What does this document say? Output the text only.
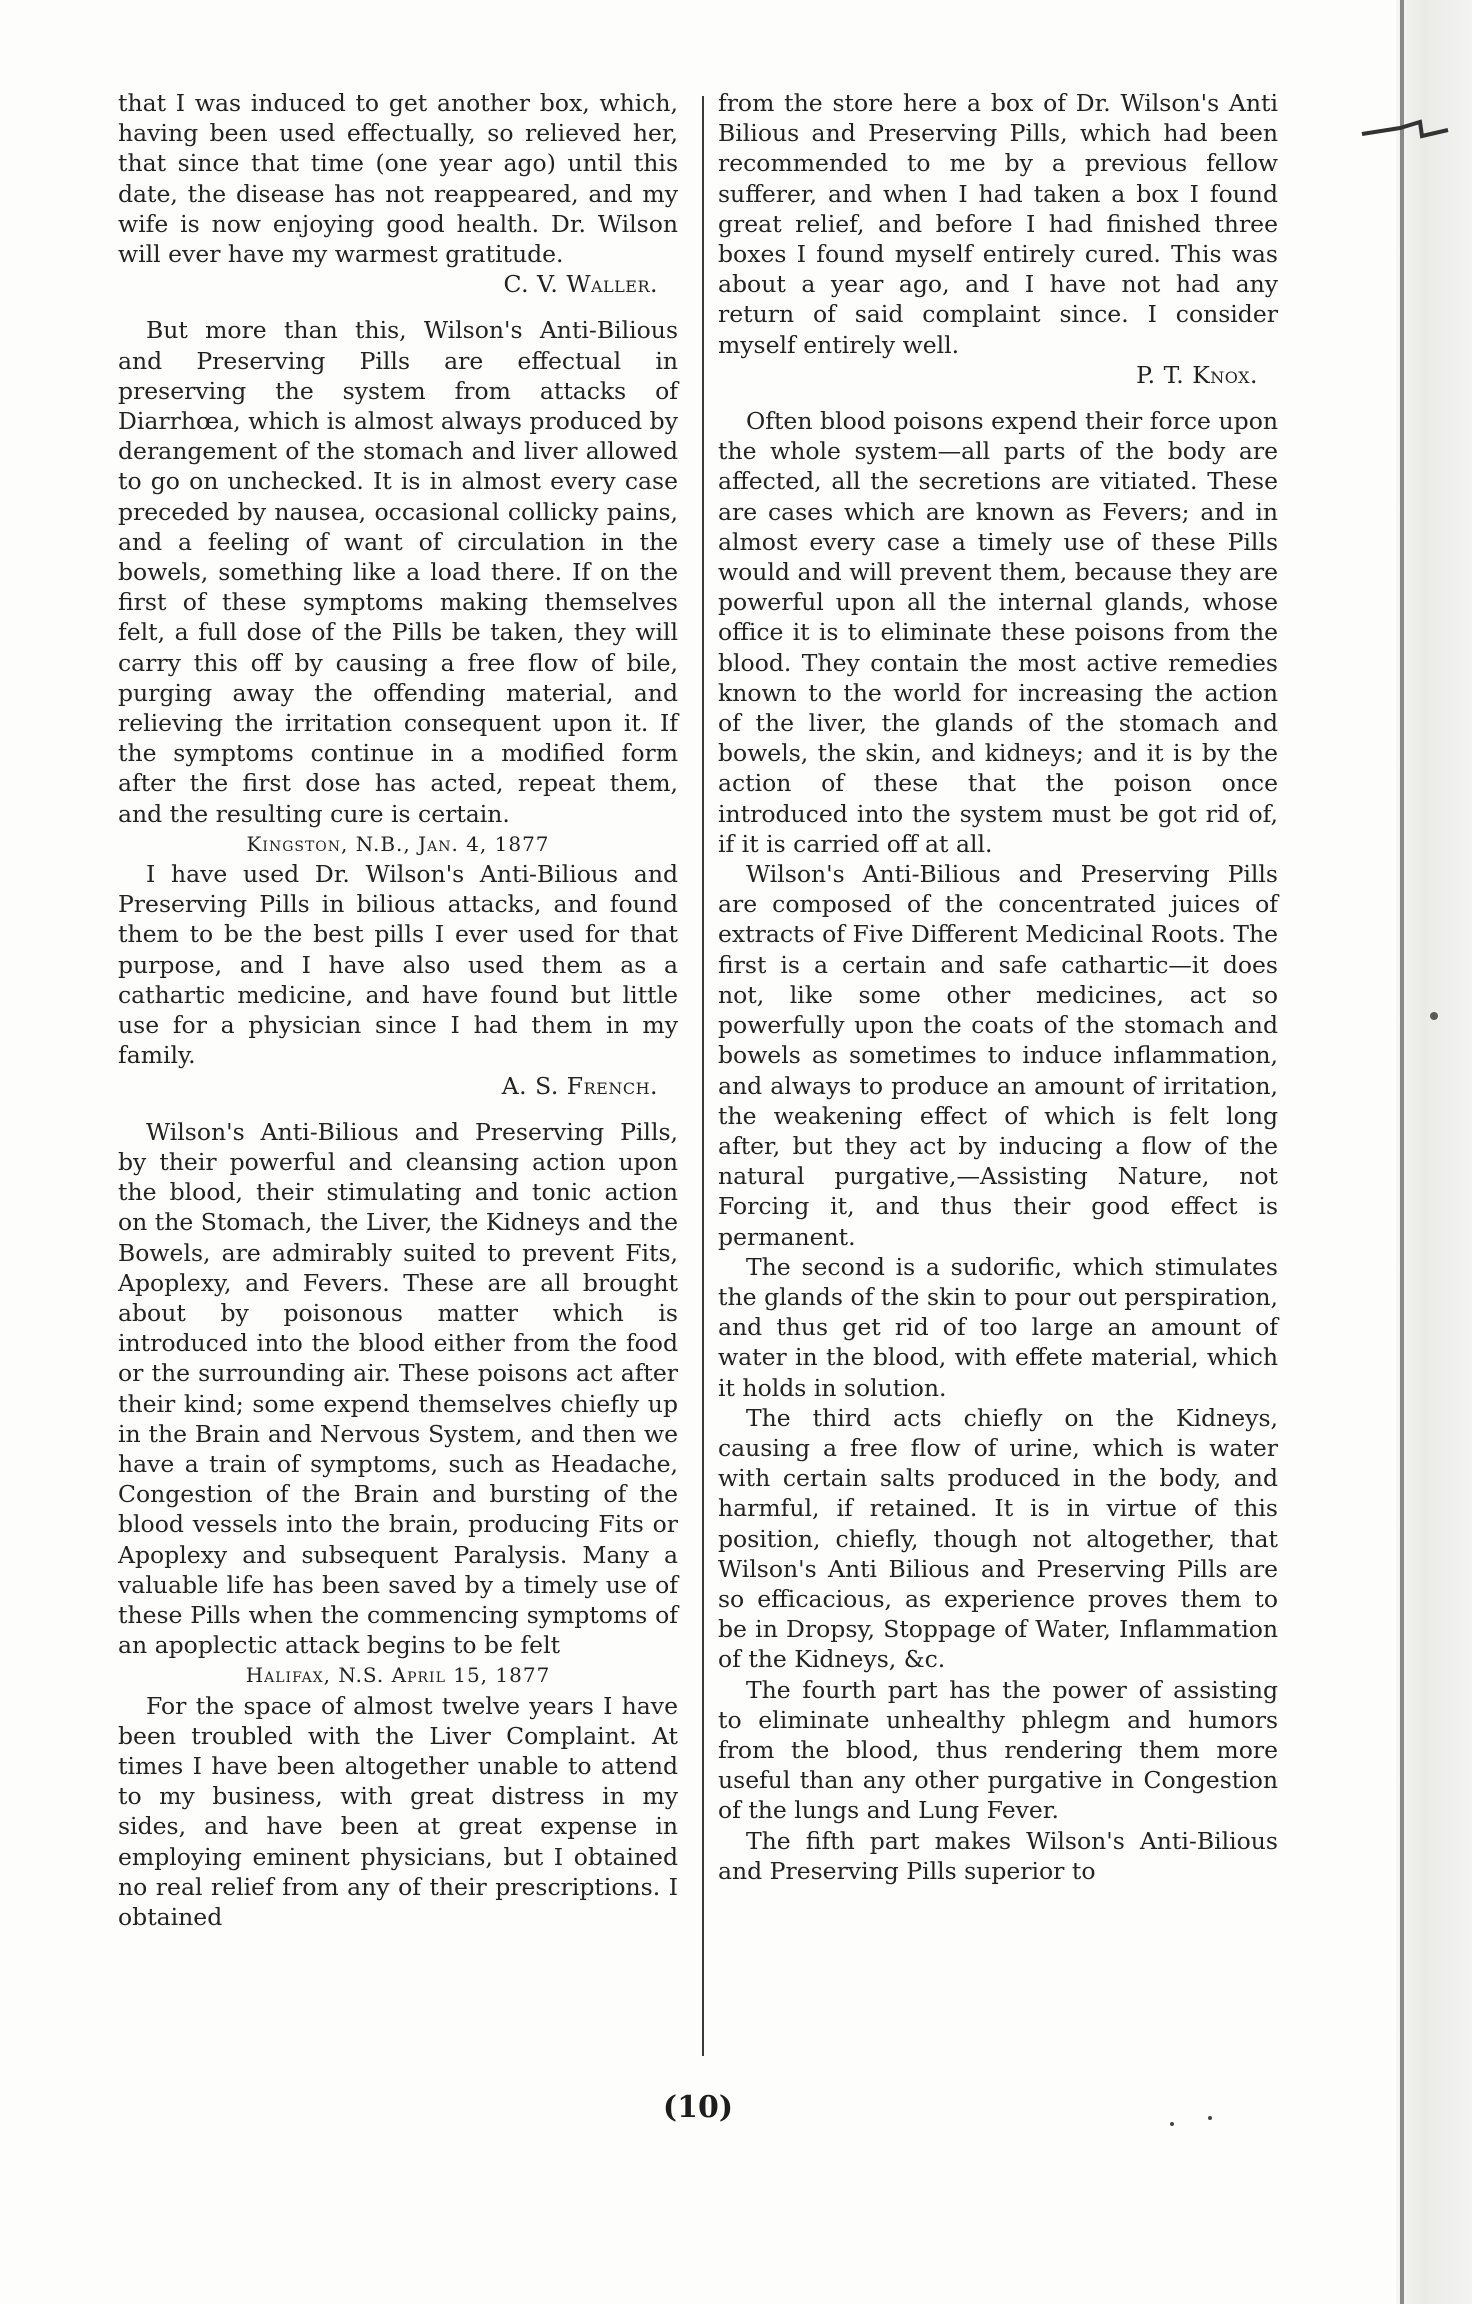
that I was induced to get another box, which, having been used effectually, so relieved her, that since that time (one year ago) until this date, the disease has not reappeared, and my wife is now enjoying good health. Dr. Wilson will ever have my warmest gratitude.

C. V. Waller.

But more than this, Wilson's Anti-Bilious and Preserving Pills are effectual in preserving the system from attacks of Diarrhœa, which is almost always produced by derangement of the stomach and liver allowed to go on unchecked. It is in almost every case preceded by nausea, occasional collicky pains, and a feeling of want of circulation in the bowels, something like a load there. If on the first of these symptoms making themselves felt, a full dose of the Pills be taken, they will carry this off by causing a free flow of bile, purging away the offending material, and relieving the irritation consequent upon it. If the symptoms continue in a modified form after the first dose has acted, repeat them, and the resulting cure is certain.

Kingston, N.B., Jan. 4, 1877

I have used Dr. Wilson's Anti-Bilious and Preserving Pills in bilious attacks, and found them to be the best pills I ever used for that purpose, and I have also used them as a cathartic medicine, and have found but little use for a physician since I had them in my family.

A. S. French.

Wilson's Anti-Bilious and Preserving Pills, by their powerful and cleansing action upon the blood, their stimulating and tonic action on the Stomach, the Liver, the Kidneys and the Bowels, are admirably suited to prevent Fits, Apoplexy, and Fevers. These are all brought about by poisonous matter which is introduced into the blood either from the food or the surrounding air. These poisons act after their kind; some expend themselves chiefly up in the Brain and Nervous System, and then we have a train of symptoms, such as Headache, Congestion of the Brain and bursting of the blood vessels into the brain, producing Fits or Apoplexy and subsequent Paralysis. Many a valuable life has been saved by a timely use of these Pills when the commencing symptoms of an apoplectic attack begins to be felt

Halifax, N.S. April 15, 1877

For the space of almost twelve years I have been troubled with the Liver Complaint. At times I have been altogether unable to attend to my business, with great distress in my sides, and have been at great expense in employing eminent physicians, but I obtained no real relief from any of their prescriptions. I obtained

from the store here a box of Dr. Wilson's Anti Bilious and Preserving Pills, which had been recommended to me by a previous fellow sufferer, and when I had taken a box I found great relief, and before I had finished three boxes I found myself entirely cured. This was about a year ago, and I have not had any return of said complaint since. I consider myself entirely well.

P. T. Knox.

Often blood poisons expend their force upon the whole system—all parts of the body are affected, all the secretions are vitiated. These are cases which are known as Fevers; and in almost every case a timely use of these Pills would and will prevent them, because they are powerful upon all the internal glands, whose office it is to eliminate these poisons from the blood. They contain the most active remedies known to the world for increasing the action of the liver, the glands of the stomach and bowels, the skin, and kidneys; and it is by the action of these that the poison once introduced into the system must be got rid of, if it is carried off at all.

Wilson's Anti-Bilious and Preserving Pills are composed of the concentrated juices of extracts of Five Different Medicinal Roots. The first is a certain and safe cathartic—it does not, like some other medicines, act so powerfully upon the coats of the stomach and bowels as sometimes to induce inflammation, and always to produce an amount of irritation, the weakening effect of which is felt long after, but they act by inducing a flow of the natural purgative,—Assisting Nature, not Forcing it, and thus their good effect is permanent.

The second is a sudorific, which stimulates the glands of the skin to pour out perspiration, and thus get rid of too large an amount of water in the blood, with effete material, which it holds in solution.

The third acts chiefly on the Kidneys, causing a free flow of urine, which is water with certain salts produced in the body, and harmful, if retained. It is in virtue of this position, chiefly, though not altogether, that Wilson's Anti Bilious and Preserving Pills are so efficacious, as experience proves them to be in Dropsy, Stoppage of Water, Inflammation of the Kidneys, &c.

The fourth part has the power of assisting to eliminate unhealthy phlegm and humors from the blood, thus rendering them more useful than any other purgative in Congestion of the lungs and Lung Fever.

The fifth part makes Wilson's Anti-Bilious and Preserving Pills superior to

(10)
